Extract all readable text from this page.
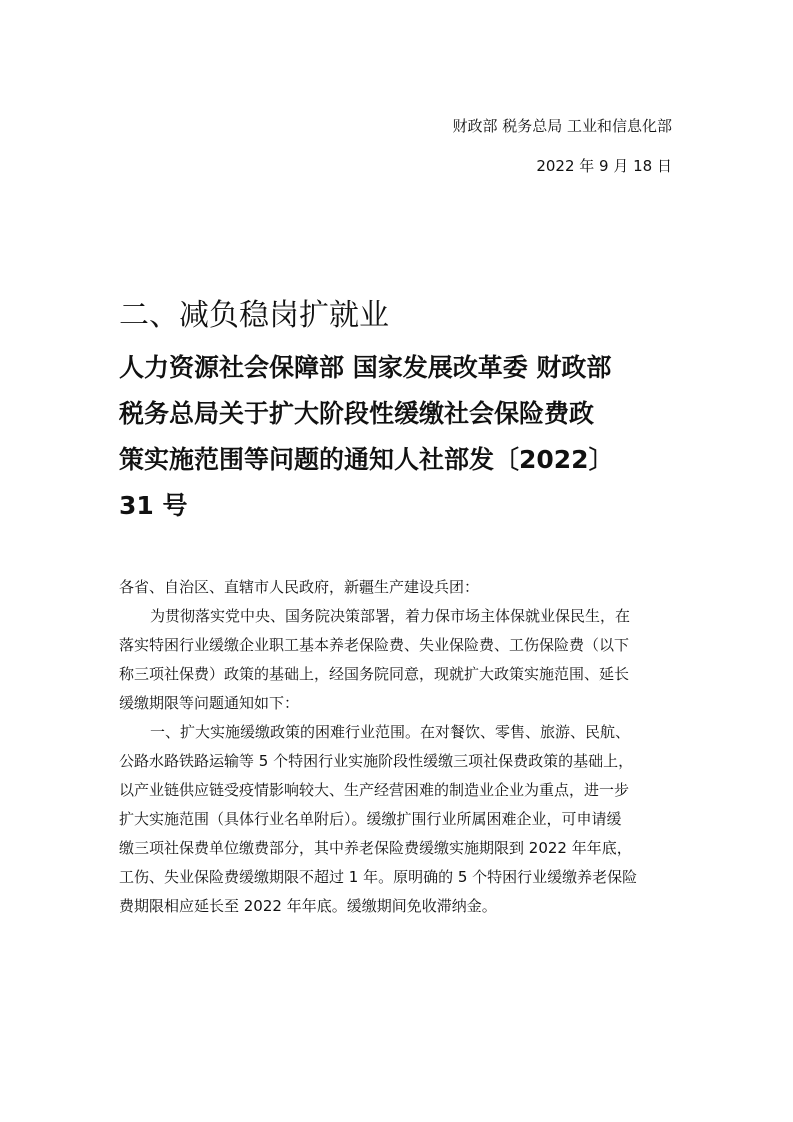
财政部 税务总局 工业和信息化部
2022 年 9 月 18 日
二、减负稳岗扩就业
人力资源社会保障部 国家发展改革委 财政部
税务总局关于扩大阶段性缓缴社会保险费政
策实施范围等问题的通知人社部发〔2022〕
31 号
各省、自治区、直辖市人民政府，新疆生产建设兵团：
为贯彻落实党中央、国务院决策部署，着力保市场主体保就业保民生，在
落实特困行业缓缴企业职工基本养老保险费、失业保险费、工伤保险费（以下
称三项社保费）政策的基础上，经国务院同意，现就扩大政策实施范围、延长
缓缴期限等问题通知如下：
一、扩大实施缓缴政策的困难行业范围。在对餐饮、零售、旅游、民航、
公路水路铁路运输等 5 个特困行业实施阶段性缓缴三项社保费政策的基础上，
以产业链供应链受疫情影响较大、生产经营困难的制造业企业为重点，进一步
扩大实施范围（具体行业名单附后）。缓缴扩围行业所属困难企业，可申请缓
缴三项社保费单位缴费部分，其中养老保险费缓缴实施期限到 2022 年年底，
工伤、失业保险费缓缴期限不超过 1 年。原明确的 5 个特困行业缓缴养老保险
费期限相应延长至 2022 年年底。缓缴期间免收滞纳金。
